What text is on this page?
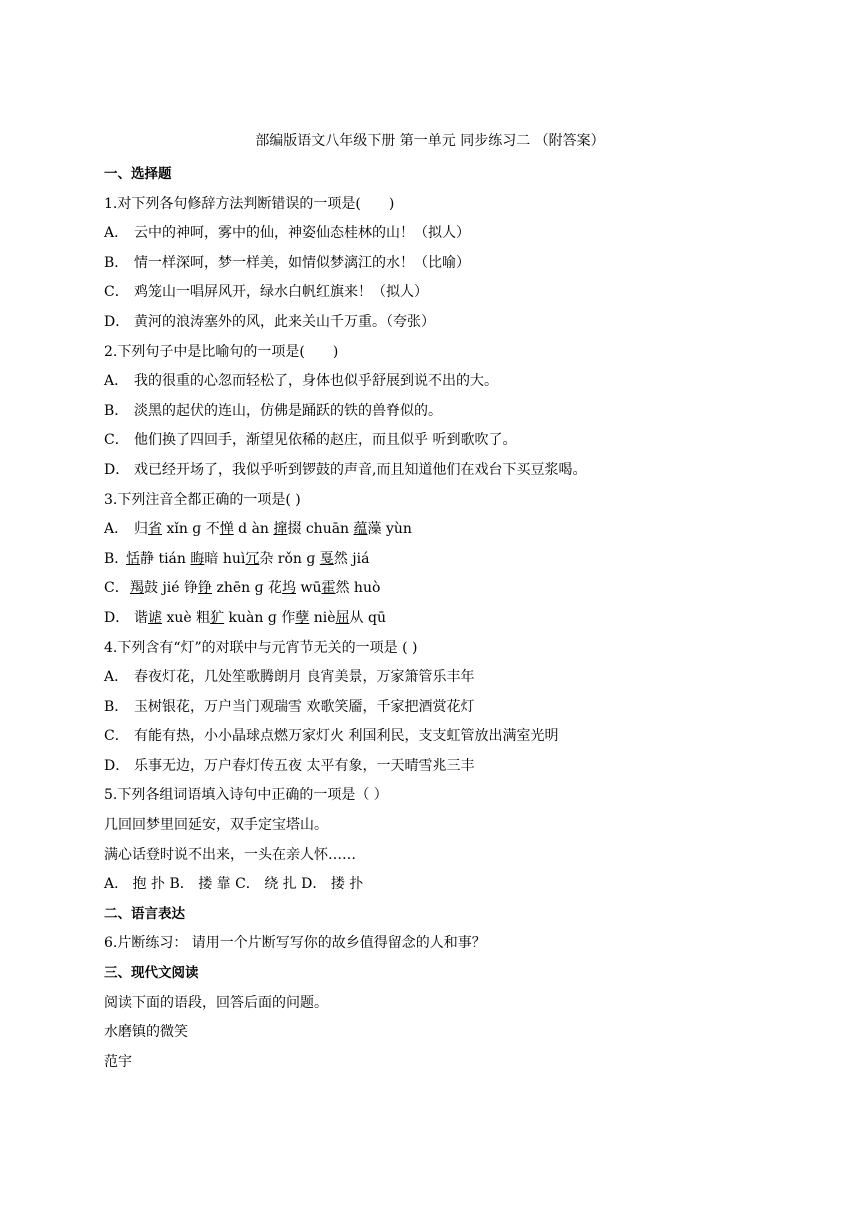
部编版语文八年级下册 第一单元 同步练习二 （附答案）
一、选择题
1.对下列各句修辞方法判断错误的一项是(　　)
A． 云中的神呵，雾中的仙，神姿仙态桂林的山！（拟人）
B． 情一样深呵，梦一样美，如情似梦漓江的水！（比喻）
C． 鸡笼山一唱屏风开，绿水白帆红旗来！（拟人）
D． 黄河的浪涛塞外的风，此来关山千万重。（夸张）
2.下列句子中是比喻句的一项是(　　)
A． 我的很重的心忽而轻松了，身体也似乎舒展到说不出的大。
B． 淡黑的起伏的连山，仿佛是踊跃的铁的兽脊似的。
C． 他们换了四回手，渐望见依稀的赵庄，而且似乎 听到歌吹了。
D． 戏已经开场了，我似乎听到锣鼓的声音,而且知道他们在戏台下买豆浆喝。
3.下列注音全都正确的一项是( )
A． 归省 xǐn ɡ 不惮 d àn 撺掇 chuān 蕴藻 yùn
B．恬静 tián 晦暗 huì冗杂 rǒn ɡ 戛然 jiá
C．羯鼓 jié 铮铮 zhēn ɡ 花坞 wū霍然 huò
D． 谐谑 xuè 粗犷 kuàn ɡ 作孽 niè屈从 qū
4.下列含有“灯”的对联中与元宵节无关的一项是 ( )
A． 春夜灯花，几处笙歌腾朗月 良宵美景，万家箫管乐丰年
B． 玉树银花，万户当门观瑞雪 欢歌笑靥，千家把酒赏花灯
C． 有能有热，小小晶球点燃万家灯火 利国利民，支支虹管放出满室光明
D． 乐事无边，万户春灯传五夜 太平有象，一天晴雪兆三丰
5.下列各组词语填入诗句中正确的一项是（ ）
几回回梦里回延安，双手定宝塔山。
满心话登时说不出来，一头在亲人怀……
A． 抱 扑 B． 搂 靠 C． 绕 扎 D． 搂 扑
二、语言表达
6.片断练习： 请用一个片断写写你的故乡值得留念的人和事？
三、现代文阅读
阅读下面的语段，回答后面的问题。
水磨镇的微笑
范宇
